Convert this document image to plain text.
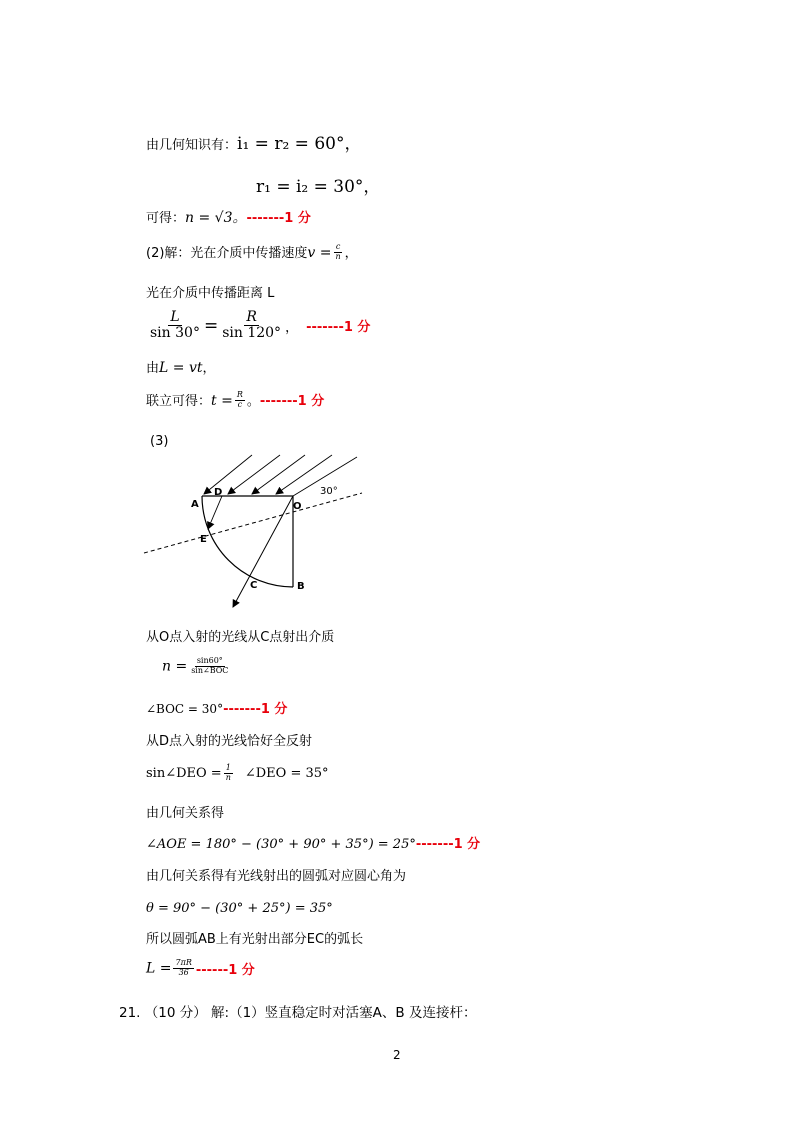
由几何知识有：i₁ = r₂ = 60°，
r₁ = i₂ = 30°，
可得：n = √3。-------1 分
(2)解：光在介质中传播速度$v = \frac{c}{n}$ ，
光在介质中传播距离 L
$\frac{L}{\sin 30^\circ} = \frac{R}{\sin 120^\circ}$ ， -------1 分
由L = vt，
联立可得：$t = \frac{R}{c}$ 。-------1 分
(3)
A
D
O
E
C	B
30°
从O点入射的光线从C点射出介质
$n = \frac{\sin 60^\circ}{\text{sin∠BOC}}$
∠BOC = 30°-------1 分
从D点入射的光线恰好全反射
sin∠DEO = $\frac{1}{n}$ ∠DEO = 35°
由几何关系得
∠AOE = 180° − (30° + 90° + 35°) = 25°-------1 分
由几何关系得有光线射出的圆弧对应圆心角为
θ = 90° − (30° + 25°) = 35°
所以圆弧AB上有光射出部分EC的弧长
$L = \frac{7\pi R}{36} ------1$ 分
21. （10 分） 解:（1）竖直稳定时对活塞A、B 及连接杆：
2
